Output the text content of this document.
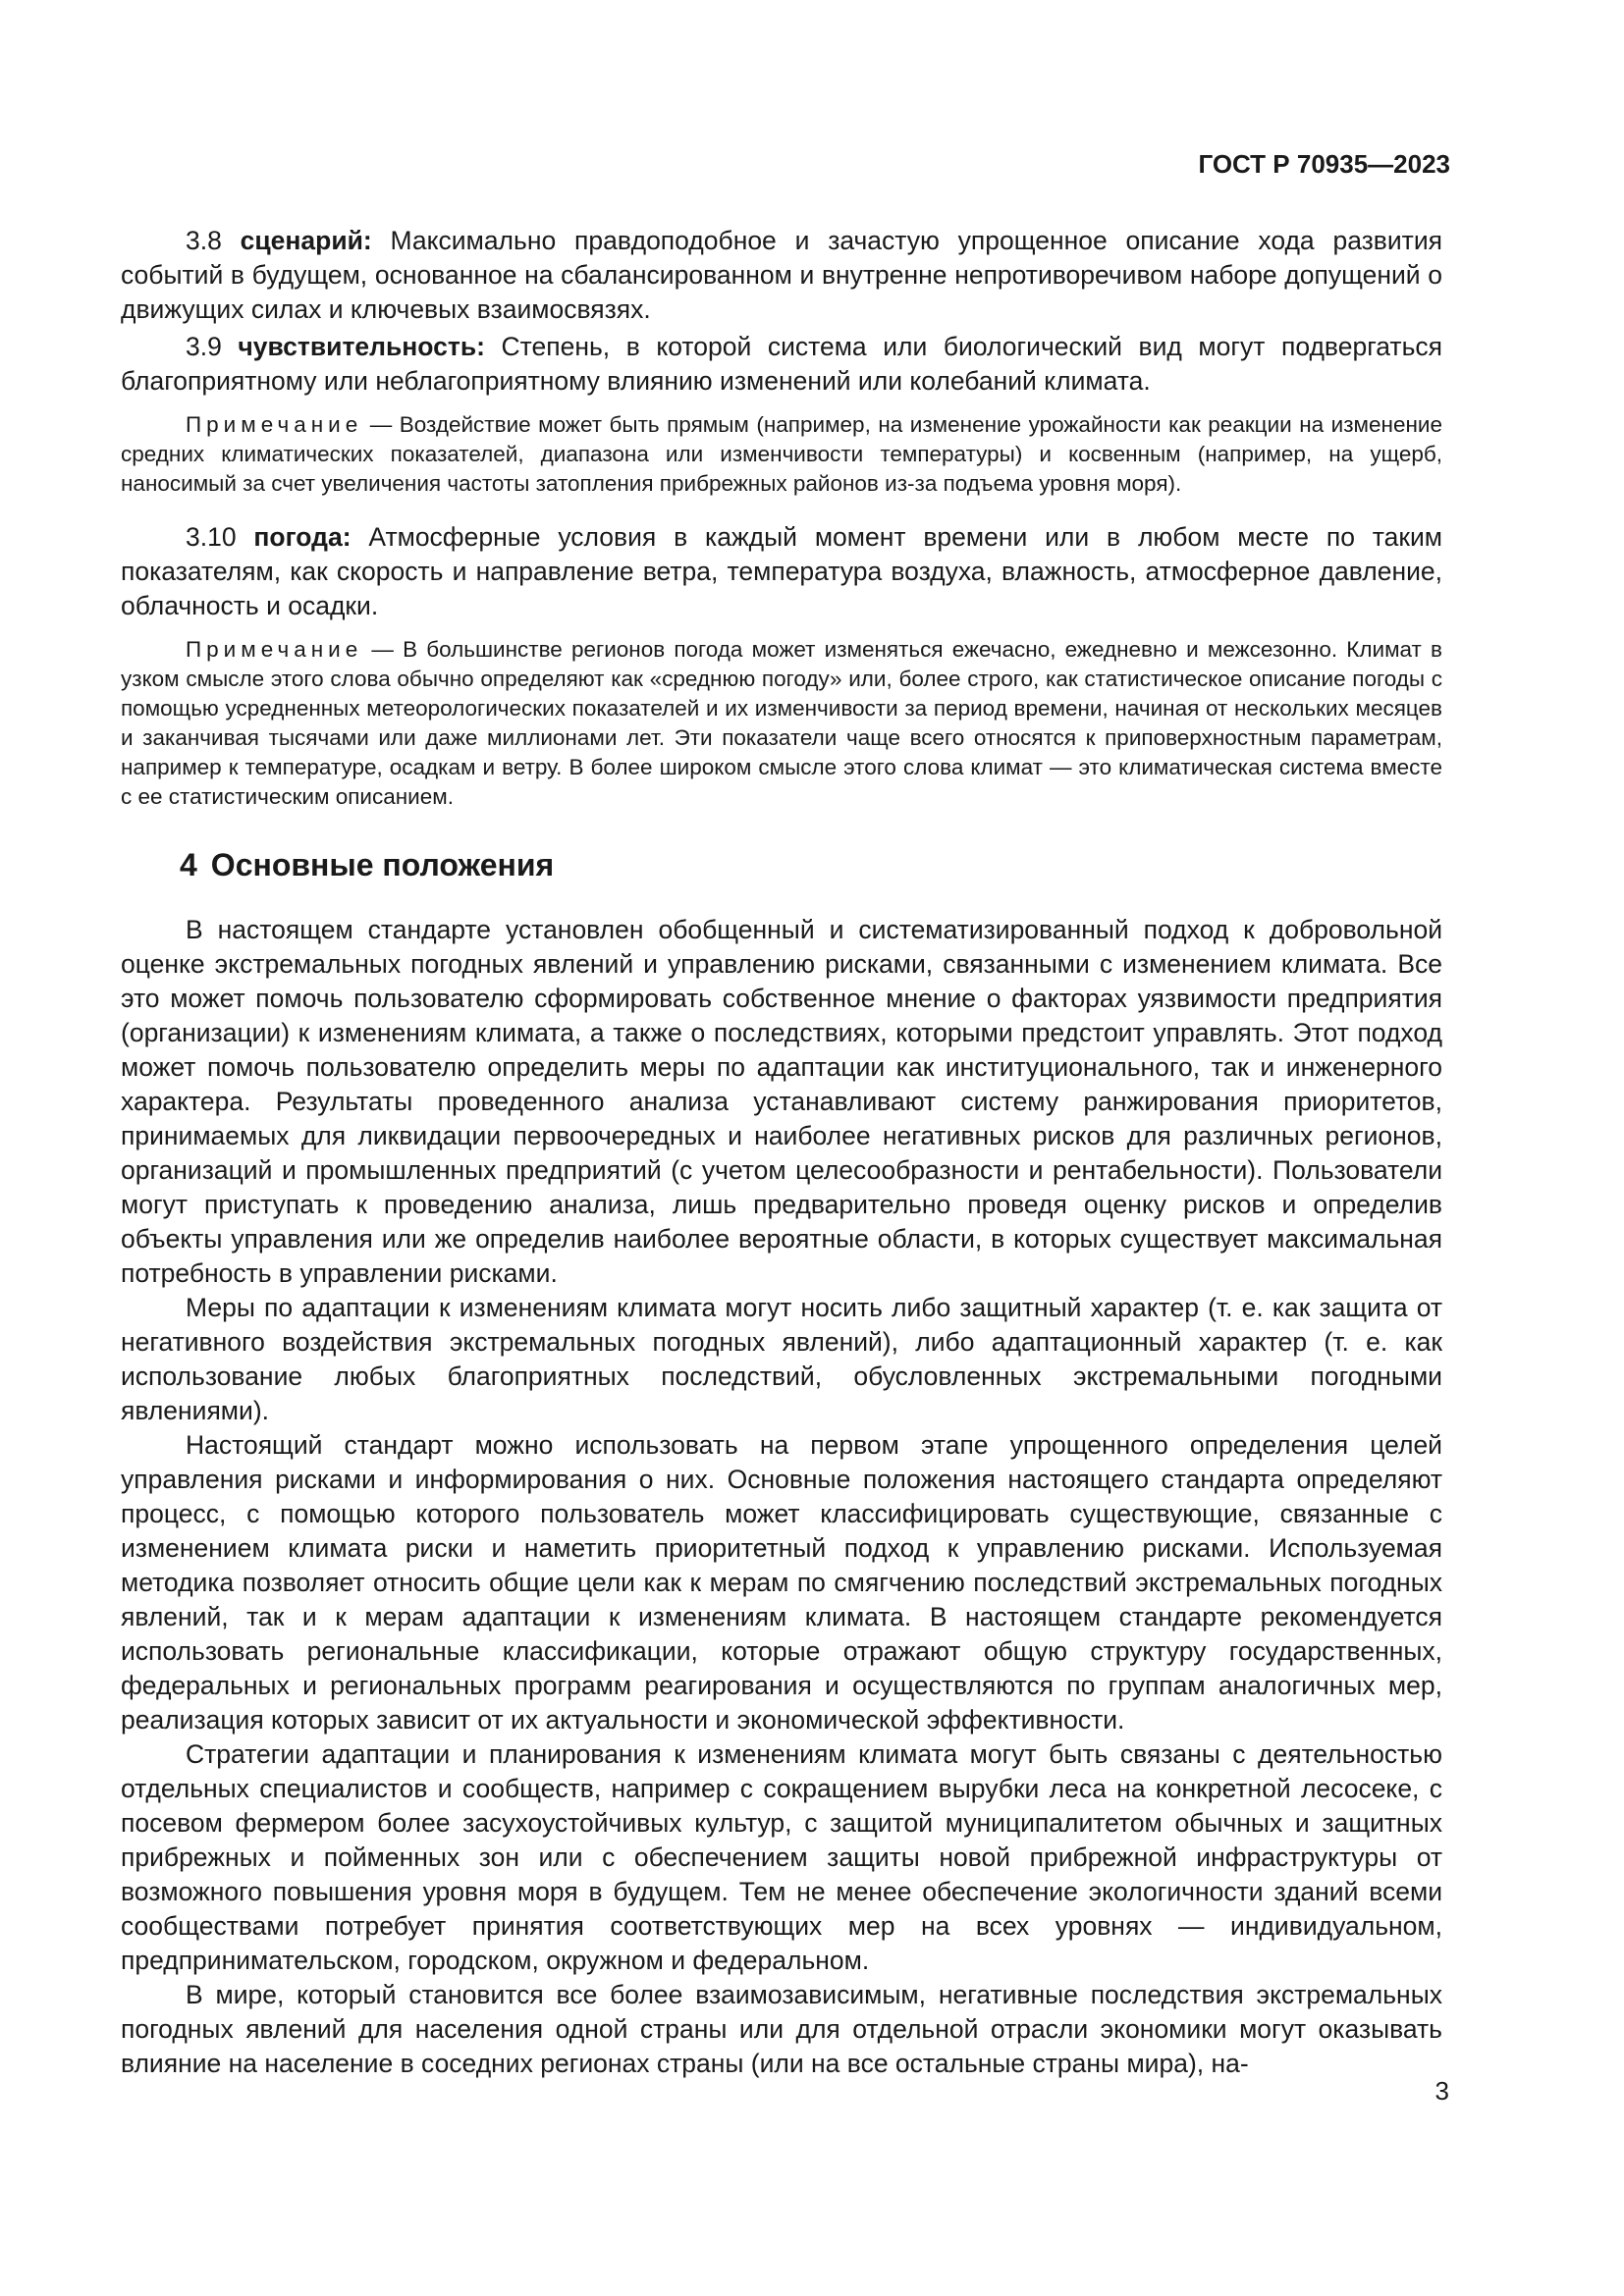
ГОСТ Р 70935—2023

3.8 сценарий: Максимально правдоподобное и зачастую упрощенное описание хода развития событий в будущем, основанное на сбалансированном и внутренне непротиворечивом наборе допущений о движущих силах и ключевых взаимосвязях.

3.9 чувствительность: Степень, в которой система или биологический вид могут подвергаться благоприятному или неблагоприятному влиянию изменений или колебаний климата.

Примечание — Воздействие может быть прямым (например, на изменение урожайности как реакции на изменение средних климатических показателей, диапазона или изменчивости температуры) и косвенным (например, на ущерб, наносимый за счет увеличения частоты затопления прибрежных районов из-за подъема уровня моря).

3.10 погода: Атмосферные условия в каждый момент времени или в любом месте по таким показателям, как скорость и направление ветра, температура воздуха, влажность, атмосферное давление, облачность и осадки.

Примечание — В большинстве регионов погода может изменяться ежечасно, ежедневно и межсезонно. Климат в узком смысле этого слова обычно определяют как «среднюю погоду» или, более строго, как статистическое описание погоды с помощью усредненных метеорологических показателей и их изменчивости за период времени, начиная от нескольких месяцев и заканчивая тысячами или даже миллионами лет. Эти показатели чаще всего относятся к приповерхностным параметрам, например к температуре, осадкам и ветру. В более широком смысле этого слова климат — это климатическая система вместе с ее статистическим описанием.

4 Основные положения

В настоящем стандарте установлен обобщенный и систематизированный подход к добровольной оценке экстремальных погодных явлений и управлению рисками, связанными с изменением климата. Все это может помочь пользователю сформировать собственное мнение о факторах уязвимости предприятия (организации) к изменениям климата, а также о последствиях, которыми предстоит управлять. Этот подход может помочь пользователю определить меры по адаптации как институционального, так и инженерного характера. Результаты проведенного анализа устанавливают систему ранжирования приоритетов, принимаемых для ликвидации первоочередных и наиболее негативных рисков для различных регионов, организаций и промышленных предприятий (с учетом целесообразности и рентабельности). Пользователи могут приступать к проведению анализа, лишь предварительно проведя оценку рисков и определив объекты управления или же определив наиболее вероятные области, в которых существует максимальная потребность в управлении рисками.

Меры по адаптации к изменениям климата могут носить либо защитный характер (т. е. как защита от негативного воздействия экстремальных погодных явлений), либо адаптационный характер (т. е. как использование любых благоприятных последствий, обусловленных экстремальными погодными явлениями).

Настоящий стандарт можно использовать на первом этапе упрощенного определения целей управления рисками и информирования о них. Основные положения настоящего стандарта определяют процесс, с помощью которого пользователь может классифицировать существующие, связанные с изменением климата риски и наметить приоритетный подход к управлению рисками. Используемая методика позволяет относить общие цели как к мерам по смягчению последствий экстремальных погодных явлений, так и к мерам адаптации к изменениям климата. В настоящем стандарте рекомендуется использовать региональные классификации, которые отражают общую структуру государственных, федеральных и региональных программ реагирования и осуществляются по группам аналогичных мер, реализация которых зависит от их актуальности и экономической эффективности.

Стратегии адаптации и планирования к изменениям климата могут быть связаны с деятельностью отдельных специалистов и сообществ, например с сокращением вырубки леса на конкретной лесосеке, с посевом фермером более засухоустойчивых культур, с защитой муниципалитетом обычных и защитных прибрежных и пойменных зон или с обеспечением защиты новой прибрежной инфраструктуры от возможного повышения уровня моря в будущем. Тем не менее обеспечение экологичности зданий всеми сообществами потребует принятия соответствующих мер на всех уровнях — индивидуальном, предпринимательском, городском, окружном и федеральном.

В мире, который становится все более взаимозависимым, негативные последствия экстремальных погодных явлений для населения одной страны или для отдельной отрасли экономики могут оказывать влияние на население в соседних регионах страны (или на все остальные страны мира), на-

3
